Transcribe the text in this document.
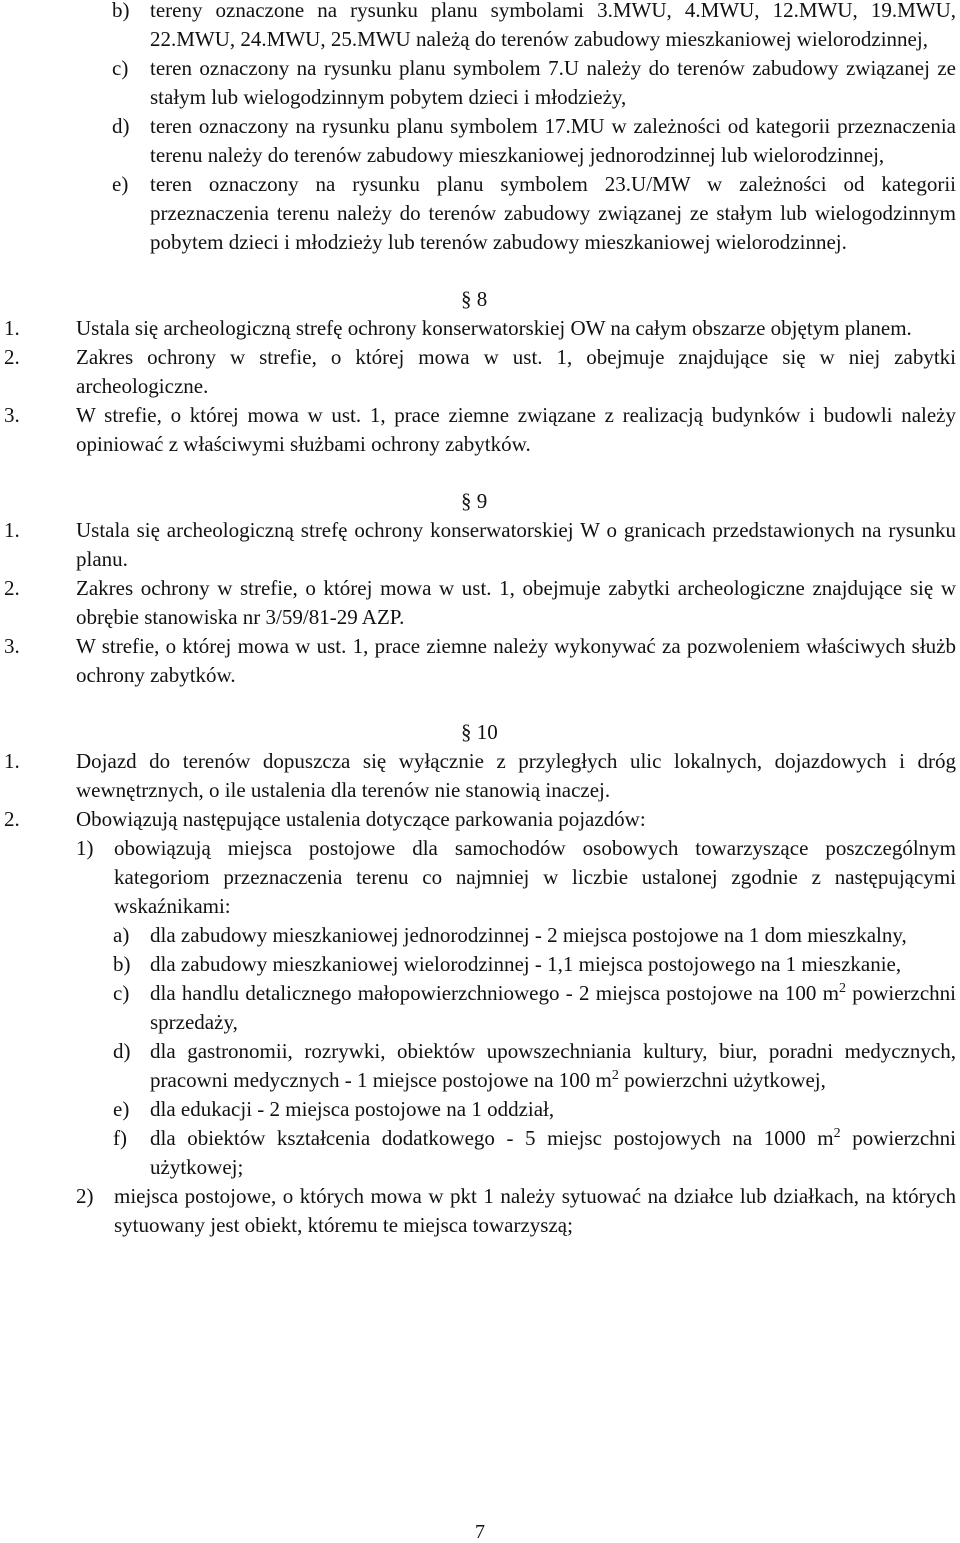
b) tereny oznaczone na rysunku planu symbolami 3.MWU, 4.MWU, 12.MWU, 19.MWU, 22.MWU, 24.MWU, 25.MWU należą do terenów zabudowy mieszkaniowej wielorodzinnej,

c) teren oznaczony na rysunku planu symbolem 7.U należy do terenów zabudowy związanej ze stałym lub wielogodzinnym pobytem dzieci i młodzieży,

d) teren oznaczony na rysunku planu symbolem 17.MU w zależności od kategorii przeznaczenia terenu należy do terenów zabudowy mieszkaniowej jednorodzinnej lub wielorodzinnej,

e) teren oznaczony na rysunku planu symbolem 23.U/MW w zależności od kategorii przeznaczenia terenu należy do terenów zabudowy związanej ze stałym lub wielogodzinnym pobytem dzieci i młodzieży lub terenów zabudowy mieszkaniowej wielorodzinnej.

§ 8

1.	Ustala się archeologiczną strefę ochrony konserwatorskiej OW na całym obszarze objętym planem.

2.	Zakres ochrony w strefie, o której mowa w ust. 1, obejmuje znajdujące się w niej zabytki archeologiczne.

3.	W strefie, o której mowa w ust. 1, prace ziemne związane z realizacją budynków i budowli należy opiniować z właściwymi służbami ochrony zabytków.

§ 9

1.	Ustala się archeologiczną strefę ochrony konserwatorskiej W o granicach przedstawionych na rysunku planu.

2.	Zakres ochrony w strefie, o której mowa w ust. 1, obejmuje zabytki archeologiczne znajdujące się w obrębie stanowiska nr 3/59/81-29 AZP.

3.	W strefie, o której mowa w ust. 1, prace ziemne należy wykonywać za pozwoleniem właściwych służb ochrony zabytków.

§ 10

1.	Dojazd do terenów dopuszcza się wyłącznie z przyległych ulic lokalnych, dojazdowych i dróg wewnętrznych, o ile ustalenia dla terenów nie stanowią inaczej.

2.	Obowiązują następujące ustalenia dotyczące parkowania pojazdów:

1) obowiązują miejsca postojowe dla samochodów osobowych towarzyszące poszczególnym kategoriom przeznaczenia terenu co najmniej w liczbie ustalonej zgodnie z następującymi wskaźnikami:

a) dla zabudowy mieszkaniowej jednorodzinnej - 2 miejsca postojowe na 1 dom mieszkalny,

b) dla zabudowy mieszkaniowej wielorodzinnej - 1,1 miejsca postojowego na 1 mieszkanie,

c) dla handlu detalicznego małopowierzchniowego - 2 miejsca postojowe na 100 $m^2$ powierzchni sprzedaży,

d) dla gastronomii, rozrywki, obiektów upowszechniania kultury, biur, poradni medycznych, pracowni medycznych - 1 miejsce postojowe na 100 $m^2$ powierzchni użytkowej,

e) dla edukacji - 2 miejsca postojowe na 1 oddział,

f) dla obiektów kształcenia dodatkowego - 5 miejsc postojowych na 1000 $m^2$ powierzchni użytkowej;

2) miejsca postojowe, o których mowa w pkt 1 należy sytuować na działce lub działkach, na których sytuowany jest obiekt, któremu te miejsca towarzyszą;

7
